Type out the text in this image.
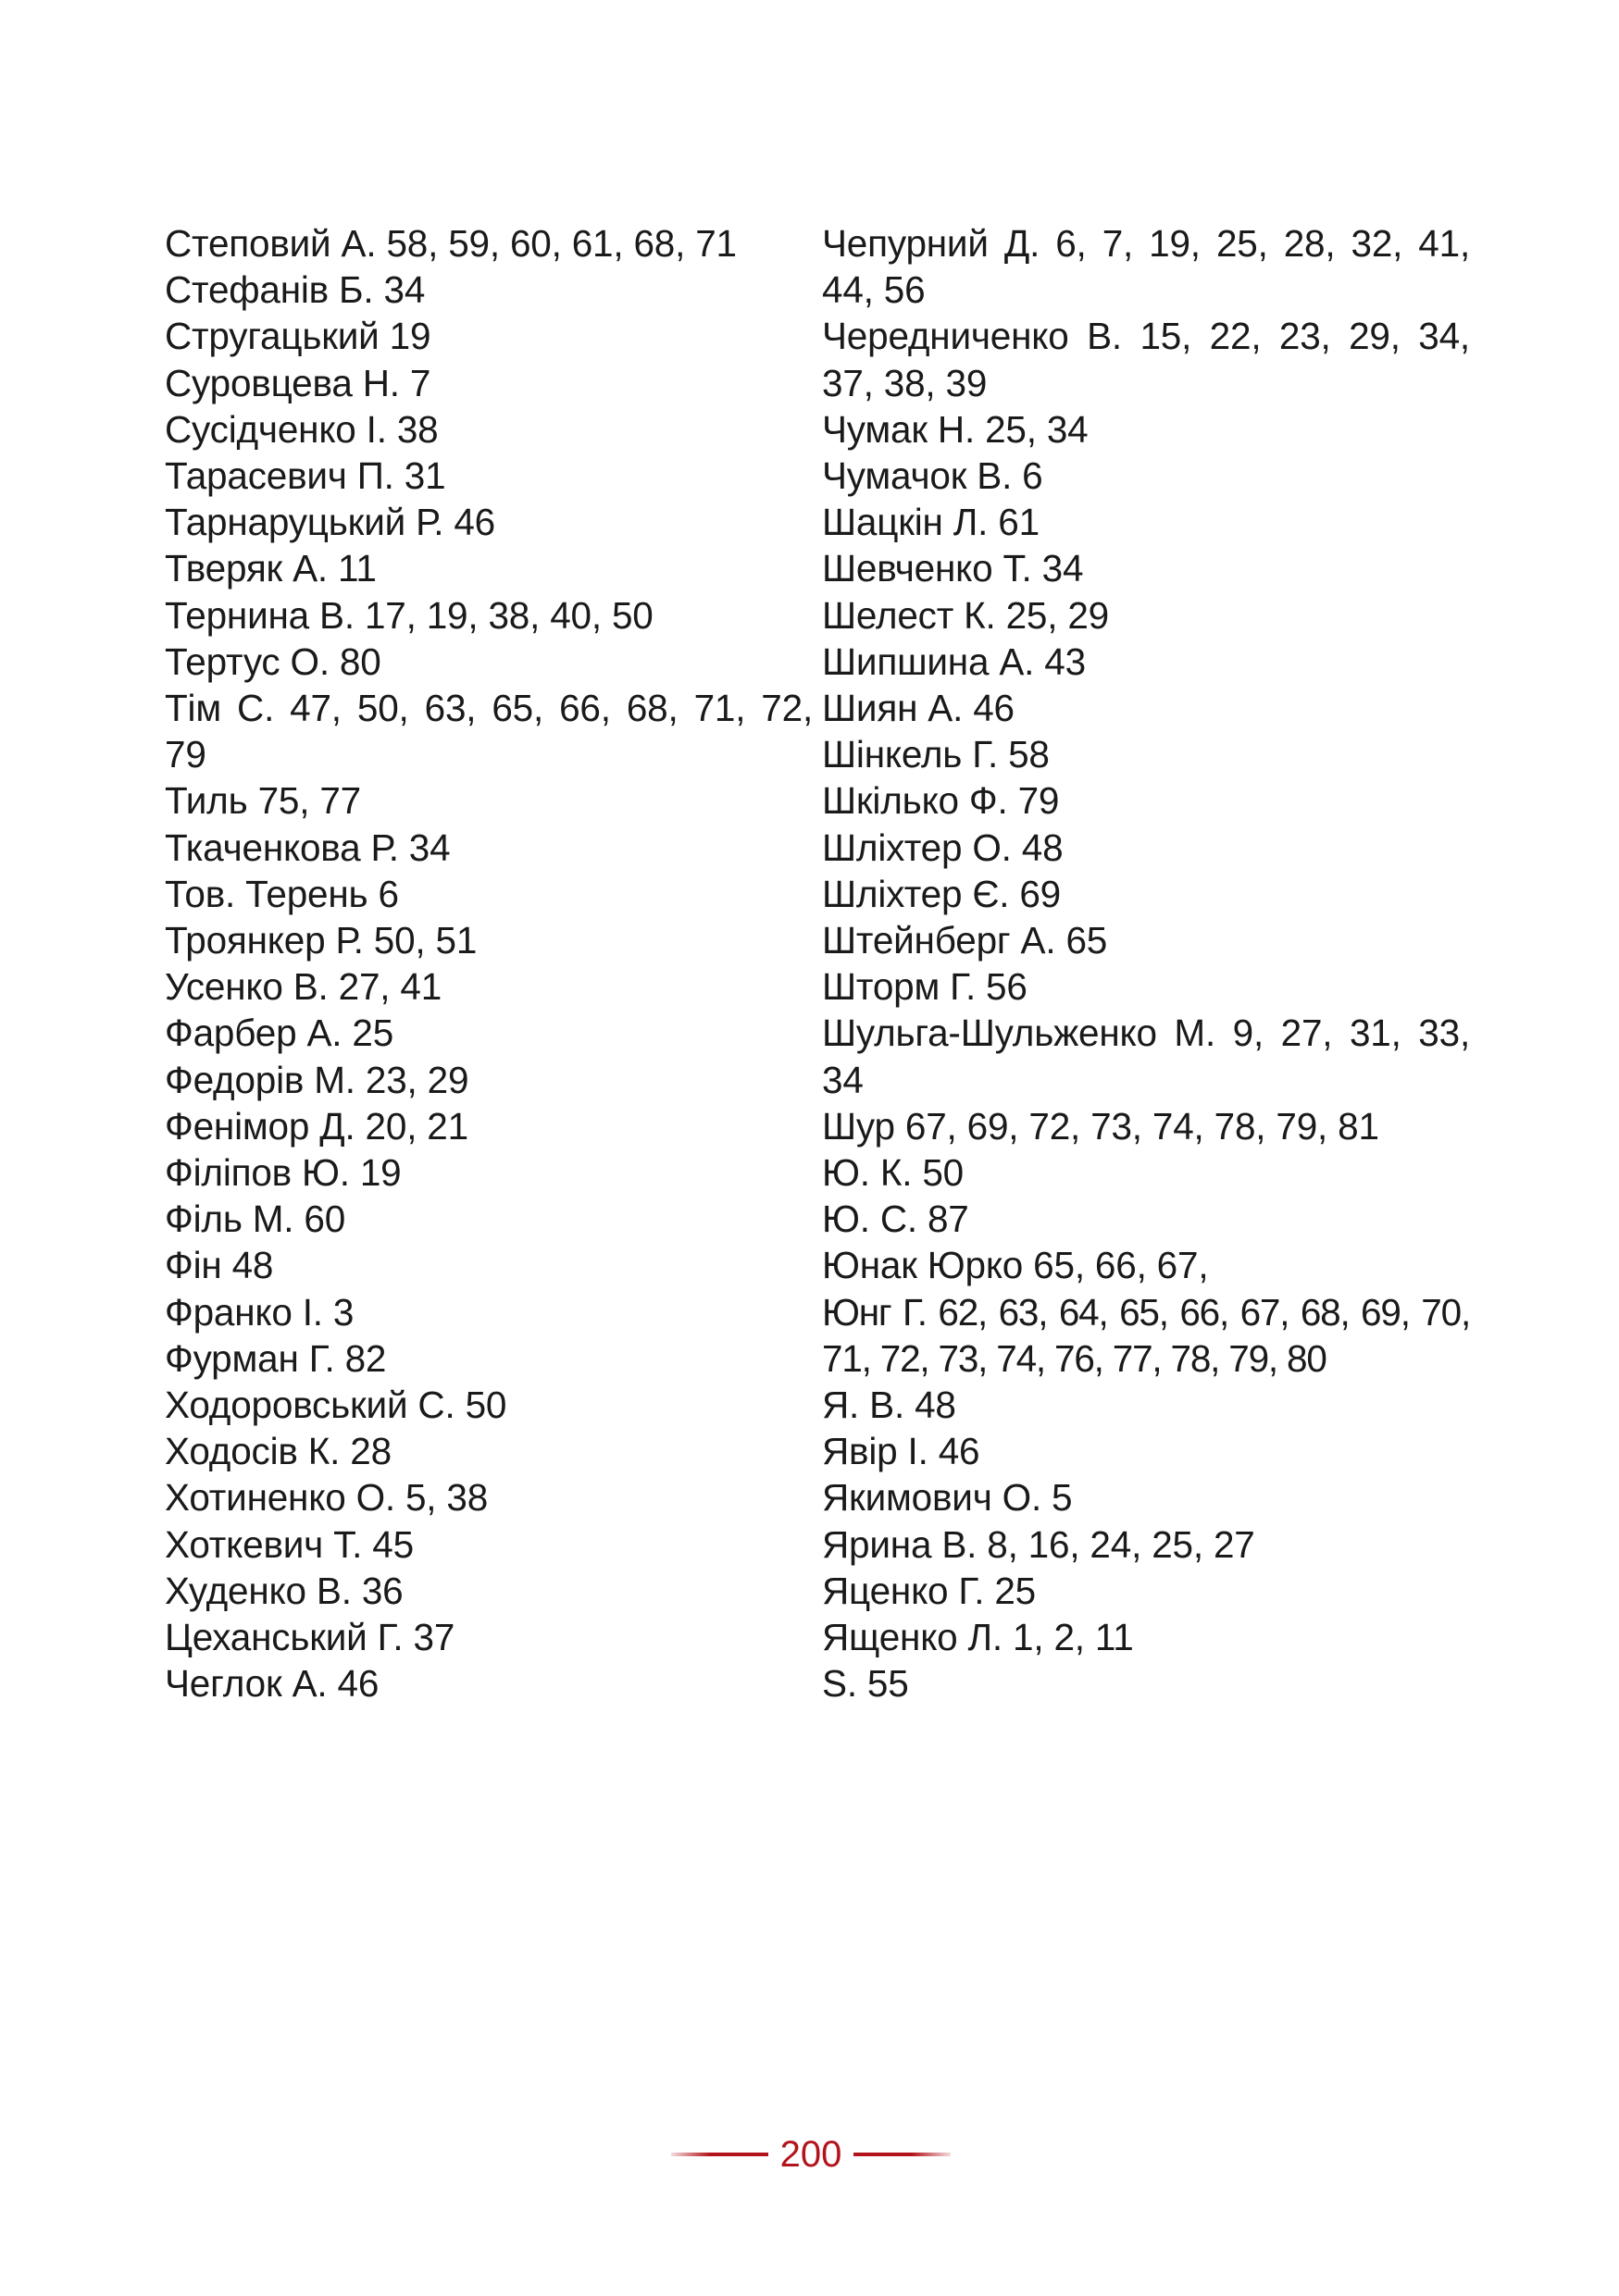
Степовий А. 58, 59, 60, 61, 68, 71

Стефанів Б. 34

Стругацький 19

Суровцева Н. 7

Сусідченко І. 38

Тарасевич П. 31

Тарнаруцький Р. 46

Тверяк А. 11

Тернина В. 17, 19, 38, 40, 50

Тертус О. 80

Тім С. 47, 50, 63, 65, 66, 68, 71, 72, 79

Тиль 75, 77

Ткаченкова Р. 34

Тов. Терень 6

Троянкер Р. 50, 51

Усенко В. 27, 41

Фарбер А. 25

Федорів М. 23, 29

Фенімор Д. 20, 21

Філіпов Ю. 19

Філь М. 60

Фін 48

Франко І. 3

Фурман Г. 82

Ходоровський С. 50

Ходосів К. 28

Хотиненко О. 5, 38

Хоткевич Т. 45

Худенко В. 36

Цеханський Г. 37

Чеглок А. 46

Чепурний Д. 6, 7, 19, 25, 28, 32, 41, 44, 56

Чередниченко В. 15, 22, 23, 29, 34, 37, 38, 39

Чумак Н. 25, 34

Чумачок В. 6

Шацкін Л. 61

Шевченко Т. 34

Шелест К. 25, 29

Шипшина А. 43

Шиян А. 46

Шінкель Г. 58

Шкілько Ф. 79

Шліхтер О. 48

Шліхтер Є. 69

Штейнберг А. 65

Шторм Г. 56

Шульга-Шульженко М. 9, 27, 31, 33, 34

Шур 67, 69, 72, 73, 74, 78, 79, 81

Ю. К. 50

Ю. С. 87

Юнак Юрко 65, 66, 67,

Юнг Г. 62, 63, 64, 65, 66, 67, 68, 69, 70, 71, 72, 73, 74, 76, 77, 78, 79, 80

Я. В. 48

Явір І. 46

Якимович О. 5

Ярина В. 8, 16, 24, 25, 27

Яценко Г. 25

Ященко Л. 1, 2, 11

S. 55

200
